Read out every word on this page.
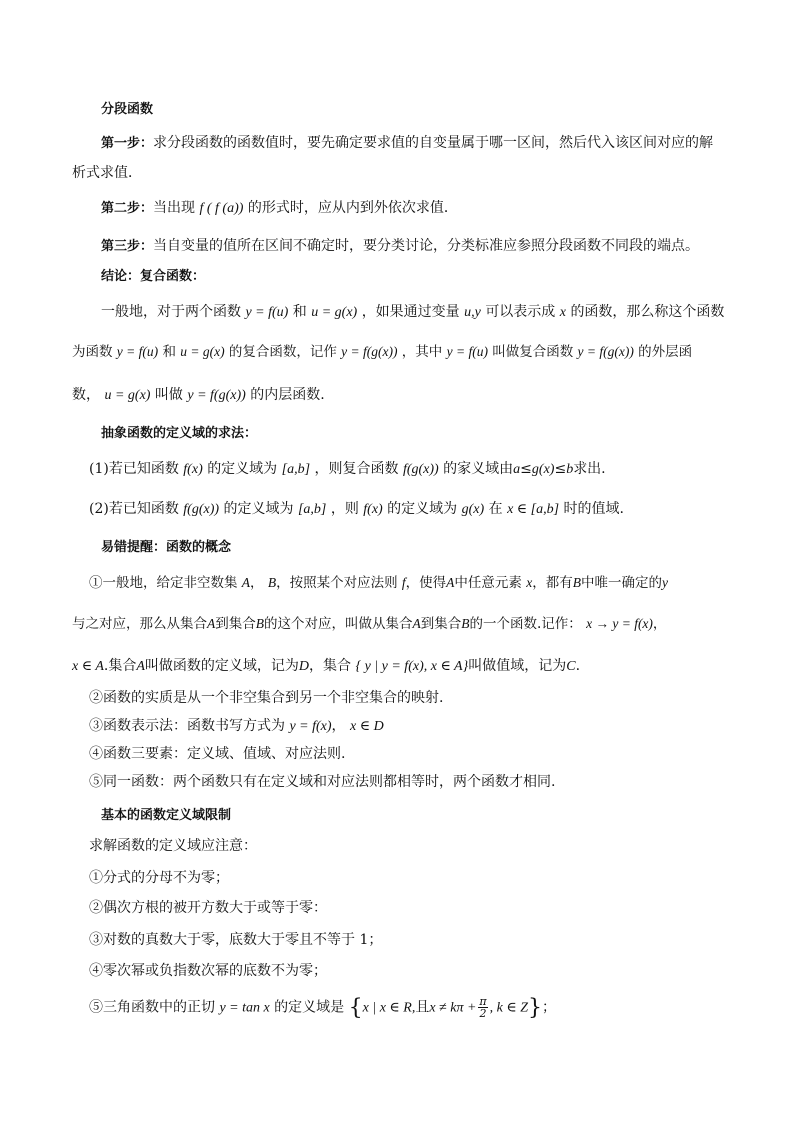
分段函数
第一步：求分段函数的函数值时，要先确定要求值的自变量属于哪一区间，然后代入该区间对应的解
析式求值．
第二步：当出现 f ( f (a)) 的形式时，应从内到外依次求值．
第三步：当自变量的值所在区间不确定时，要分类讨论，分类标准应参照分段函数不同段的端点。
结论：复合函数：
一般地，对于两个函数 y = f(u) 和 u = g(x) ，如果通过变量 u,y 可以表示成 x 的函数，那么称这个函数
为函数 y = f(u) 和 u = g(x) 的复合函数，记作 y = f(g(x)) ，其中 y = f(u) 叫做复合函数 y = f(g(x)) 的外层函
数， u = g(x) 叫做 y = f(g(x)) 的内层函数.
抽象函数的定义域的求法：
(1)若已知函数 f(x) 的定义域为 [a,b] ，则复合函数 f(g(x)) 的家义域由a≤g(x)≤b求出.
(2)若已知函数 f(g(x)) 的定义域为 [a,b] ，则 f(x) 的定义域为 g(x) 在 x ∈ [a,b] 时的值域.
易错提醒：函数的概念
①一般地，给定非空数集 A， B，按照某个对应法则 f，使得A中任意元素 x，都有B中唯一确定的y
与之对应，那么从集合A到集合B的这个对应，叫做从集合A到集合B的一个函数.记作： x → y = f(x)，
x ∈ A.集合A叫做函数的定义域，记为D，集合 { y | y = f(x), x ∈ A}叫做值域，记为C.
②函数的实质是从一个非空集合到另一个非空集合的映射.
③函数表示法：函数书写方式为 y = f(x)， x ∈ D
④函数三要素：定义域、值域、对应法则.
⑤同一函数：两个函数只有在定义域和对应法则都相等时，两个函数才相同.
基本的函数定义域限制
求解函数的定义域应注意：
①分式的分母不为零；
②偶次方根的被开方数大于或等于零：
③对数的真数大于零，底数大于零且不等于 1；
④零次幂或负指数次幂的底数不为零；
⑤三角函数中的正切 y = tan x 的定义域是 {x | x ∈ R,且$x \ne k\pi + \frac{\pi}{2}$ , k ∈ Z}；
